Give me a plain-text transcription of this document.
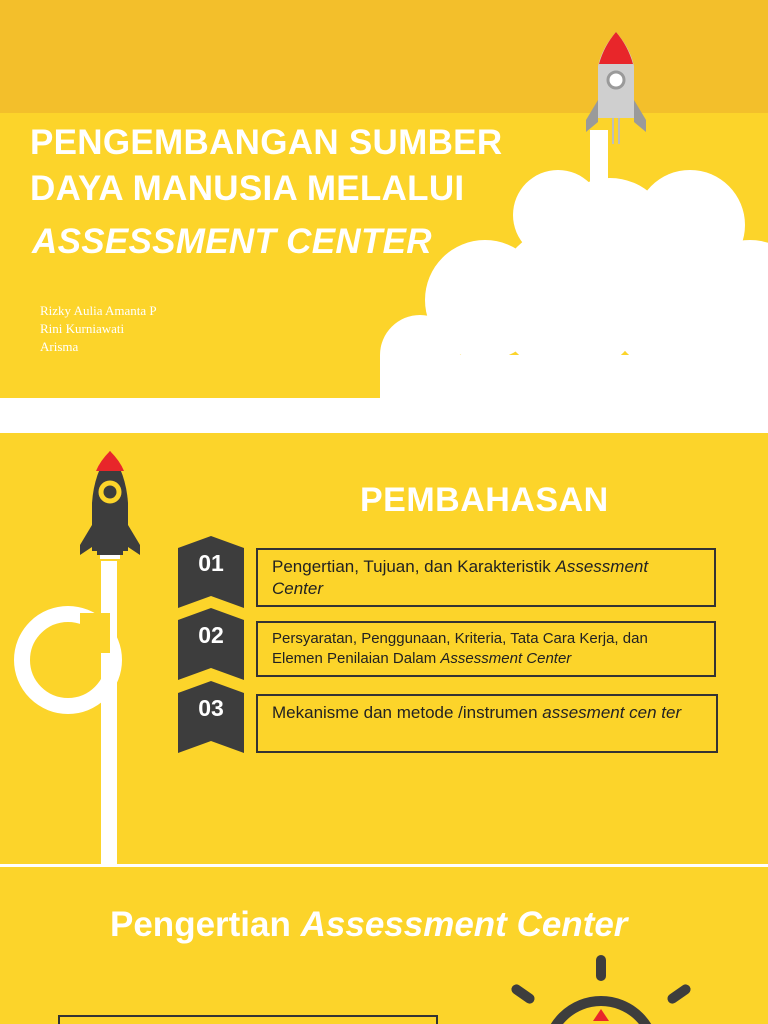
PENGEMBANGAN SUMBER
DAYA MANUSIA MELALUI
ASSESSMENT CENTER
Rizky Aulia Amanta P
Rini Kurniawati
Arisma
PEMBAHASAN
01	Pengertian, Tujuan, dan Karakteristik Assessment Center
02	Persyaratan, Penggunaan, Kriteria, Tata Cara Kerja, dan Elemen Penilaian Dalam Assessment Center
03	Mekanisme dan metode /instrumen assesment cen ter
Pengertian Assessment Center
